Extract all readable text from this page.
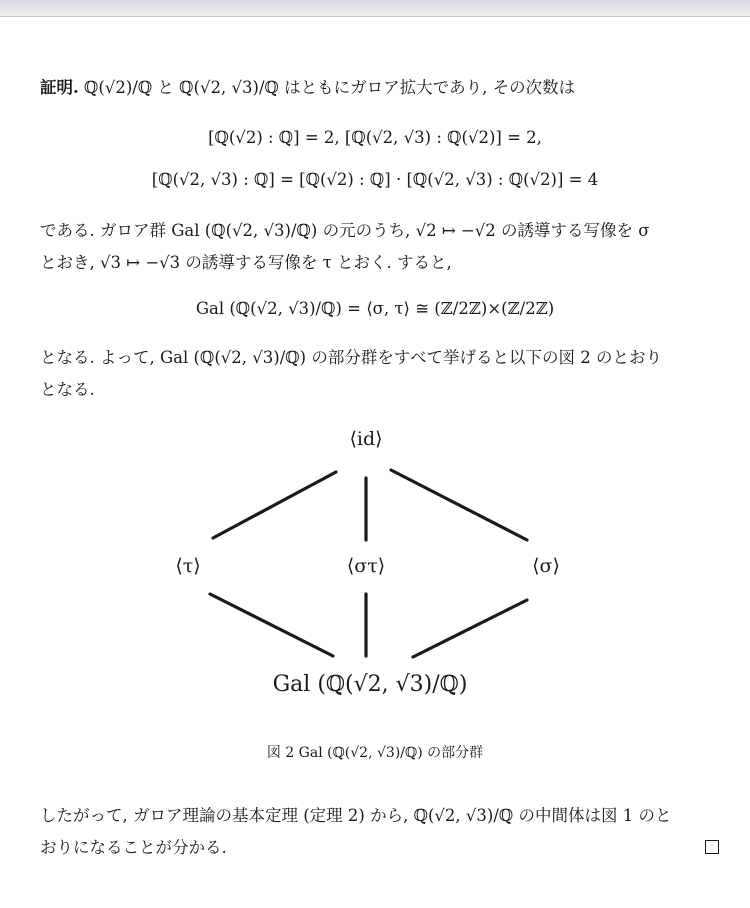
証明. ℚ(√2)/ℚ と ℚ(√2, √3)/ℚ はともにガロア拡大であり, その次数は
[ℚ(√2) : ℚ] = 2, [ℚ(√2, √3) : ℚ(√2)] = 2,
[ℚ(√2, √3) : ℚ] = [ℚ(√2) : ℚ] · [ℚ(√2, √3) : ℚ(√2)] = 4
である. ガロア群 Gal (ℚ(√2, √3)/ℚ) の元のうち, √2 ↦ −√2 の誘導する写像を σ
とおき, √3 ↦ −√3 の誘導する写像を τ とおく. すると,
Gal (ℚ(√2, √3)/ℚ) = ⟨σ, τ⟩ ≅ (ℤ/2ℤ)×(ℤ/2ℤ)
となる. よって, Gal (ℚ(√2, √3)/ℚ) の部分群をすべて挙げると以下の図 2 のとおり
となる.
⟨id⟩
⟨τ⟩	⟨στ⟩	⟨σ⟩
Gal (ℚ(√2, √3)/ℚ)
図 2 Gal (ℚ(√2, √3)/ℚ) の部分群
したがって, ガロア理論の基本定理 (定理 2) から, ℚ(√2, √3)/ℚ の中間体は図 1 のと
おりになることが分かる.
